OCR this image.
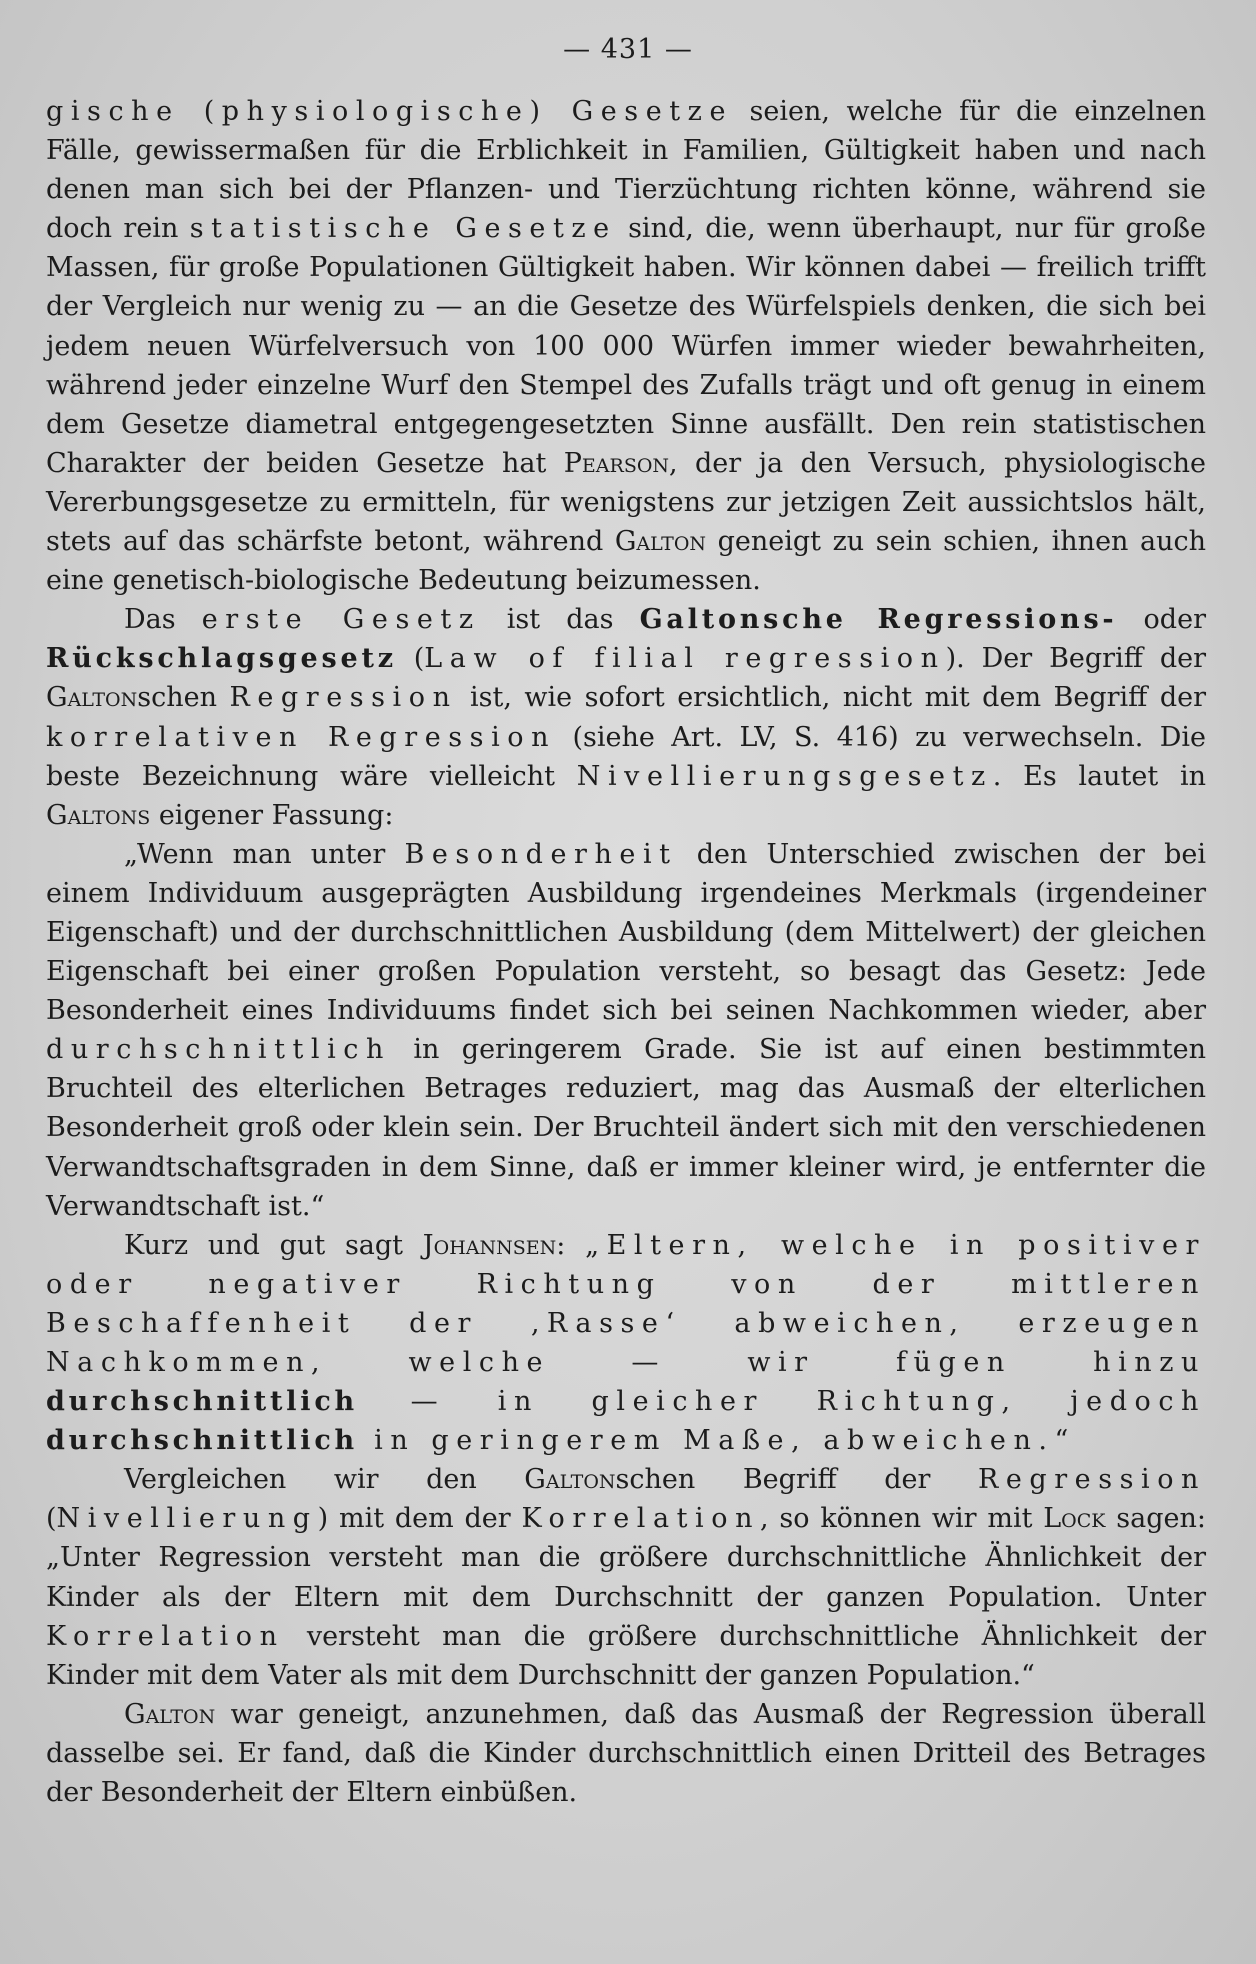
— 431 —

gische (physiologische) Gesetze seien, welche für die einzelnen Fälle, gewissermaßen für die Erblichkeit in Familien, Gültigkeit haben und nach denen man sich bei der Pflanzen- und Tierzüchtung richten könne, während sie doch rein statistische Gesetze sind, die, wenn überhaupt, nur für große Massen, für große Populationen Gültigkeit haben. Wir können dabei — freilich trifft der Vergleich nur wenig zu — an die Gesetze des Würfelspiels denken, die sich bei jedem neuen Würfelversuch von 100 000 Würfen immer wieder bewahrheiten, während jeder einzelne Wurf den Stempel des Zufalls trägt und oft genug in einem dem Gesetze diametral entgegengesetzten Sinne ausfällt. Den rein statistischen Charakter der beiden Gesetze hat Pearson, der ja den Versuch, physiologische Vererbungsgesetze zu ermitteln, für wenigstens zur jetzigen Zeit aussichtslos hält, stets auf das schärfste betont, während Galton geneigt zu sein schien, ihnen auch eine genetisch-biologische Bedeutung beizumessen.

Das erste Gesetz ist das Galtonsche Regressions- oder Rückschlagsgesetz (Law of filial regression). Der Begriff der Galtonschen Regression ist, wie sofort ersichtlich, nicht mit dem Begriff der korrelativen Regression (siehe Art. LV, S. 416) zu verwechseln. Die beste Bezeichnung wäre vielleicht Nivellierungsgesetz. Es lautet in Galtons eigener Fassung:

„Wenn man unter Besonderheit den Unterschied zwischen der bei einem Individuum ausgeprägten Ausbildung irgendeines Merkmals (irgendeiner Eigenschaft) und der durchschnittlichen Ausbildung (dem Mittelwert) der gleichen Eigenschaft bei einer großen Population versteht, so besagt das Gesetz: Jede Besonderheit eines Individuums findet sich bei seinen Nachkommen wieder, aber durchschnittlich in geringerem Grade. Sie ist auf einen bestimmten Bruchteil des elterlichen Betrages reduziert, mag das Ausmaß der elterlichen Besonderheit groß oder klein sein. Der Bruchteil ändert sich mit den verschiedenen Verwandtschaftsgraden in dem Sinne, daß er immer kleiner wird, je entfernter die Verwandtschaft ist.“

Kurz und gut sagt Johannsen: „Eltern, welche in positiver oder negativer Richtung von der mittleren Beschaffenheit der ‚Rasse‘ abweichen, erzeugen Nachkommen, welche — wir fügen hinzu durchschnittlich — in gleicher Richtung, jedoch durchschnittlich in geringerem Maße, abweichen.“

Vergleichen wir den Galtonschen Begriff der Regression (Nivellierung) mit dem der Korrelation, so können wir mit Lock sagen: „Unter Regression versteht man die größere durchschnittliche Ähnlichkeit der Kinder als der Eltern mit dem Durchschnitt der ganzen Population. Unter Korrelation versteht man die größere durchschnittliche Ähnlichkeit der Kinder mit dem Vater als mit dem Durchschnitt der ganzen Population.“

Galton war geneigt, anzunehmen, daß das Ausmaß der Regression überall dasselbe sei. Er fand, daß die Kinder durchschnittlich einen Dritteil des Betrages der Besonderheit der Eltern einbüßen.
